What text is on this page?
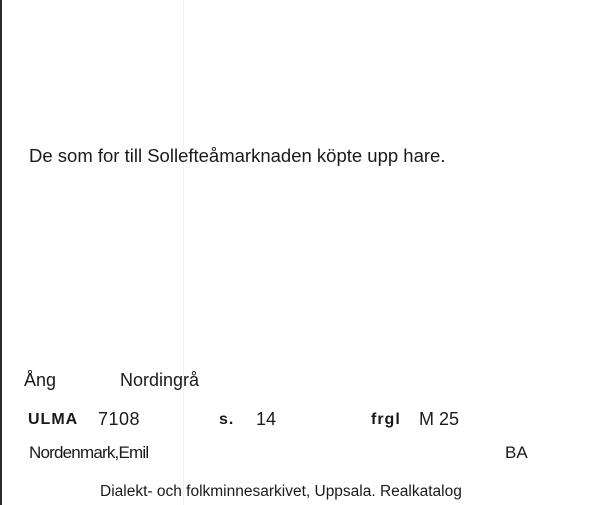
De som for till Sollefteåmarknaden köpte upp hare.
Ång	Nordingrå
ULMA 7108	s. 14	frgl M 25
Nordenmark,Emil	BA
Dialekt- och folkminnesarkivet, Uppsala. Realkatalog
